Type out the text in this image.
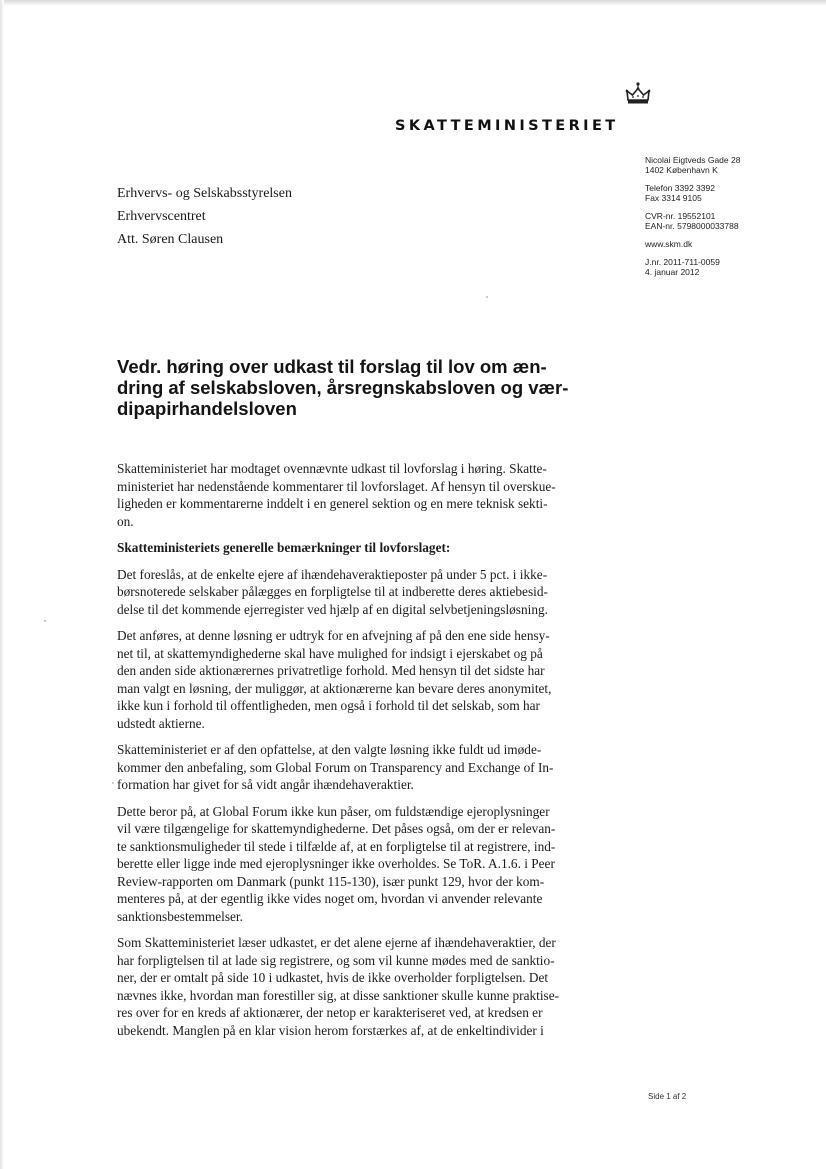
SKATTEMINISTERIET
Erhvervs- og Selskabsstyrelsen
Erhvervscentret
Att. Søren Clausen
Nicolai Eigtveds Gade 28
1402 København K
Telefon 3392 3392
Fax 3314 9105
CVR-nr. 19552101
EAN-nr. 5798000033788
www.skm.dk
J.nr. 2011-711-0059
4. januar 2012
Vedr. høring over udkast til forslag til lov om æn-
dring af selskabsloven, årsregnskabsloven og vær-
dipapirhandelsloven
Skatteministeriet har modtaget ovennævnte udkast til lovforslag i høring. Skatte-
ministeriet har nedenstående kommentarer til lovforslaget. Af hensyn til overskue-
ligheden er kommentarerne inddelt i en generel sektion og en mere teknisk sekti-
on.
Skatteministeriets generelle bemærkninger til lovforslaget:
Det foreslås, at de enkelte ejere af ihændehaveraktieposter på under 5 pct. i ikke-
børsnoterede selskaber pålægges en forpligtelse til at indberette deres aktiebesid-
delse til det kommende ejerregister ved hjælp af en digital selvbetjeningsløsning.
Det anføres, at denne løsning er udtryk for en afvejning af på den ene side hensy-
net til, at skattemyndighederne skal have mulighed for indsigt i ejerskabet og på
den anden side aktionærernes privatretlige forhold. Med hensyn til det sidste har
man valgt en løsning, der muliggør, at aktionærerne kan bevare deres anonymitet,
ikke kun i forhold til offentligheden, men også i forhold til det selskab, som har
udstedt aktierne.
Skatteministeriet er af den opfattelse, at den valgte løsning ikke fuldt ud imøde-
kommer den anbefaling, som Global Forum on Transparency and Exchange of In-
formation har givet for så vidt angår ihændehaveraktier.
Dette beror på, at Global Forum ikke kun påser, om fuldstændige ejeroplysninger
vil være tilgængelige for skattemyndighederne. Det påses også, om der er relevan-
te sanktionsmuligheder til stede i tilfælde af, at en forpligtelse til at registrere, ind-
berette eller ligge inde med ejeroplysninger ikke overholdes. Se ToR. A.1.6. i Peer
Review-rapporten om Danmark (punkt 115-130), især punkt 129, hvor der kom-
menteres på, at der egentlig ikke vides noget om, hvordan vi anvender relevante
sanktionsbestemmelser.
Som Skatteministeriet læser udkastet, er det alene ejerne af ihændehaveraktier, der
har forpligtelsen til at lade sig registrere, og som vil kunne mødes med de sanktio-
ner, der er omtalt på side 10 i udkastet, hvis de ikke overholder forpligtelsen. Det
nævnes ikke, hvordan man forestiller sig, at disse sanktioner skulle kunne praktise-
res over for en kreds af aktionærer, der netop er karakteriseret ved, at kredsen er
ubekendt. Manglen på en klar vision herom forstærkes af, at de enkeltindivider i
Side 1 af 2
